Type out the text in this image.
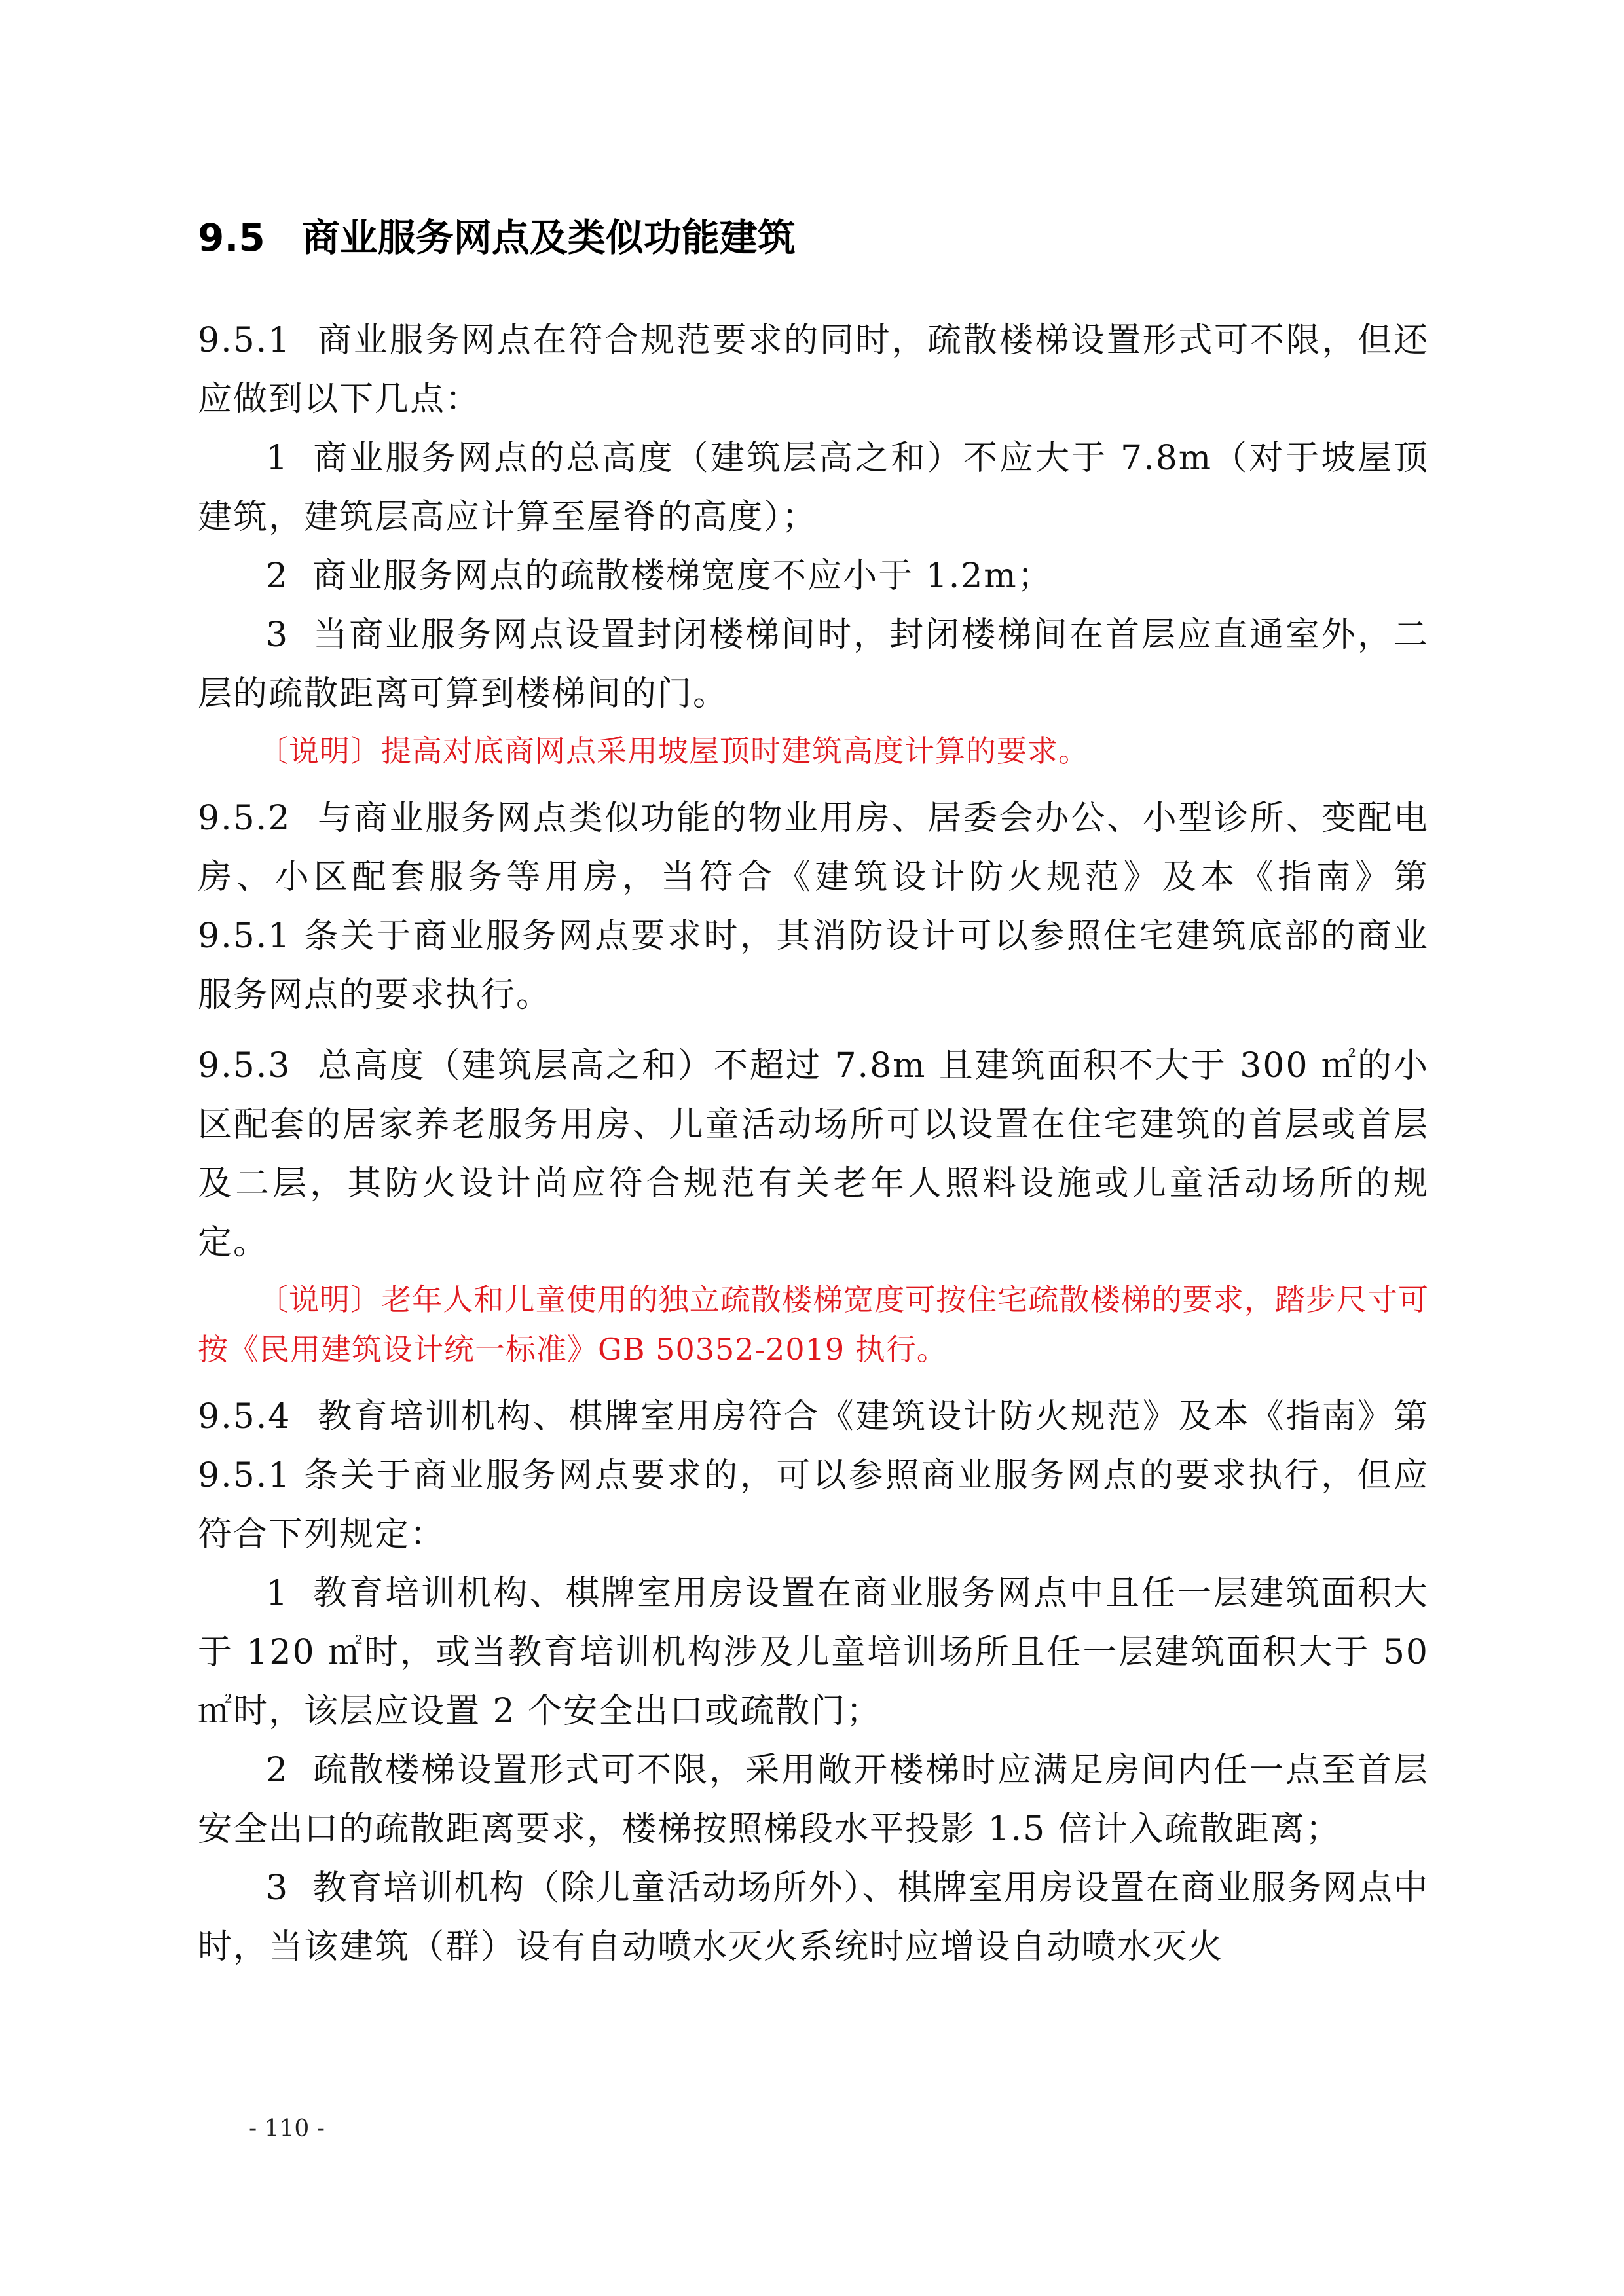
9.5 商业服务网点及类似功能建筑

9.5.1 商业服务网点在符合规范要求的同时，疏散楼梯设置形式可不限，但还应做到以下几点：

1 商业服务网点的总高度（建筑层高之和）不应大于 7.8m（对于坡屋顶建筑，建筑层高应计算至屋脊的高度）；

2 商业服务网点的疏散楼梯宽度不应小于 1.2m；

3 当商业服务网点设置封闭楼梯间时，封闭楼梯间在首层应直通室外，二层的疏散距离可算到楼梯间的门。

〔说明〕提高对底商网点采用坡屋顶时建筑高度计算的要求。

9.5.2 与商业服务网点类似功能的物业用房、居委会办公、小型诊所、变配电房、小区配套服务等用房，当符合《建筑设计防火规范》及本《指南》第 9.5.1 条关于商业服务网点要求时，其消防设计可以参照住宅建筑底部的商业服务网点的要求执行。

9.5.3 总高度（建筑层高之和）不超过 7.8m 且建筑面积不大于 300 ㎡的小区配套的居家养老服务用房、儿童活动场所可以设置在住宅建筑的首层或首层及二层，其防火设计尚应符合规范有关老年人照料设施或儿童活动场所的规定。

〔说明〕老年人和儿童使用的独立疏散楼梯宽度可按住宅疏散楼梯的要求，踏步尺寸可按《民用建筑设计统一标准》GB 50352-2019 执行。

9.5.4 教育培训机构、棋牌室用房符合《建筑设计防火规范》及本《指南》第 9.5.1 条关于商业服务网点要求的，可以参照商业服务网点的要求执行，但应符合下列规定：

1 教育培训机构、棋牌室用房设置在商业服务网点中且任一层建筑面积大于 120 ㎡时，或当教育培训机构涉及儿童培训场所且任一层建筑面积大于 50 ㎡时，该层应设置 2 个安全出口或疏散门；

2 疏散楼梯设置形式可不限，采用敞开楼梯时应满足房间内任一点至首层安全出口的疏散距离要求，楼梯按照梯段水平投影 1.5 倍计入疏散距离；

3 教育培训机构（除儿童活动场所外）、棋牌室用房设置在商业服务网点中时，当该建筑（群）设有自动喷水灭火系统时应增设自动喷水灭火

- 110 -
